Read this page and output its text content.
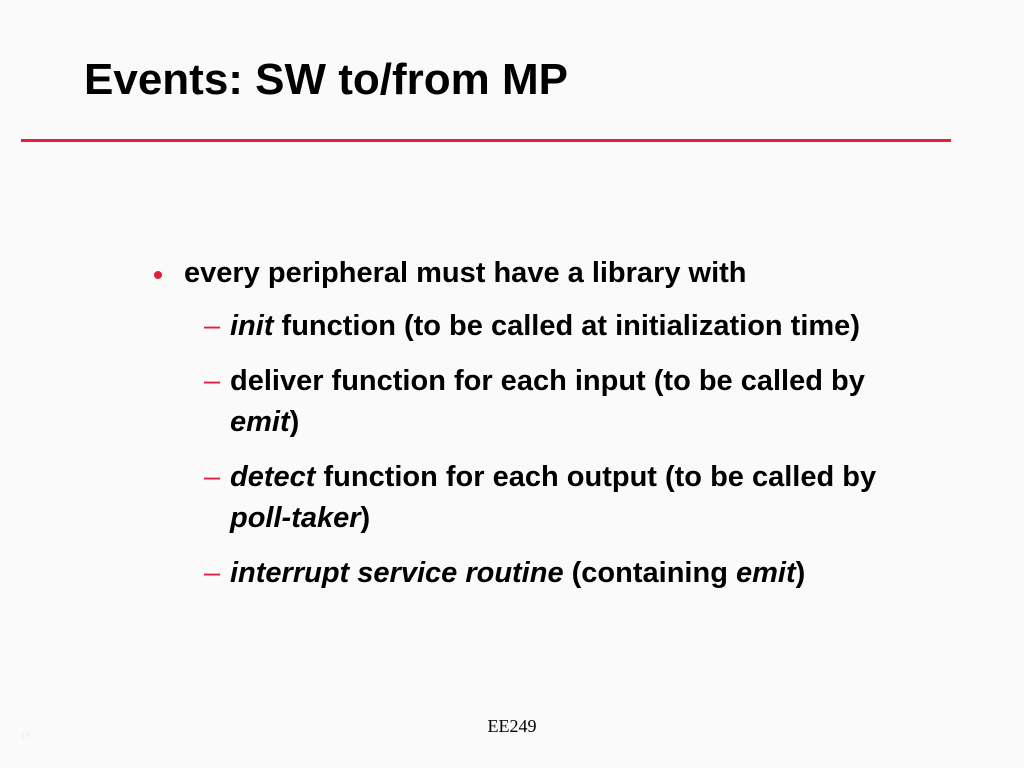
Events: SW to/from MP
every peripheral must have a library with
– init function (to be called at initialization time)
– deliver function for each input (to be called by emit)
– detect function for each output (to be called by poll-taker)
– interrupt service routine (containing emit)
EE249
16
